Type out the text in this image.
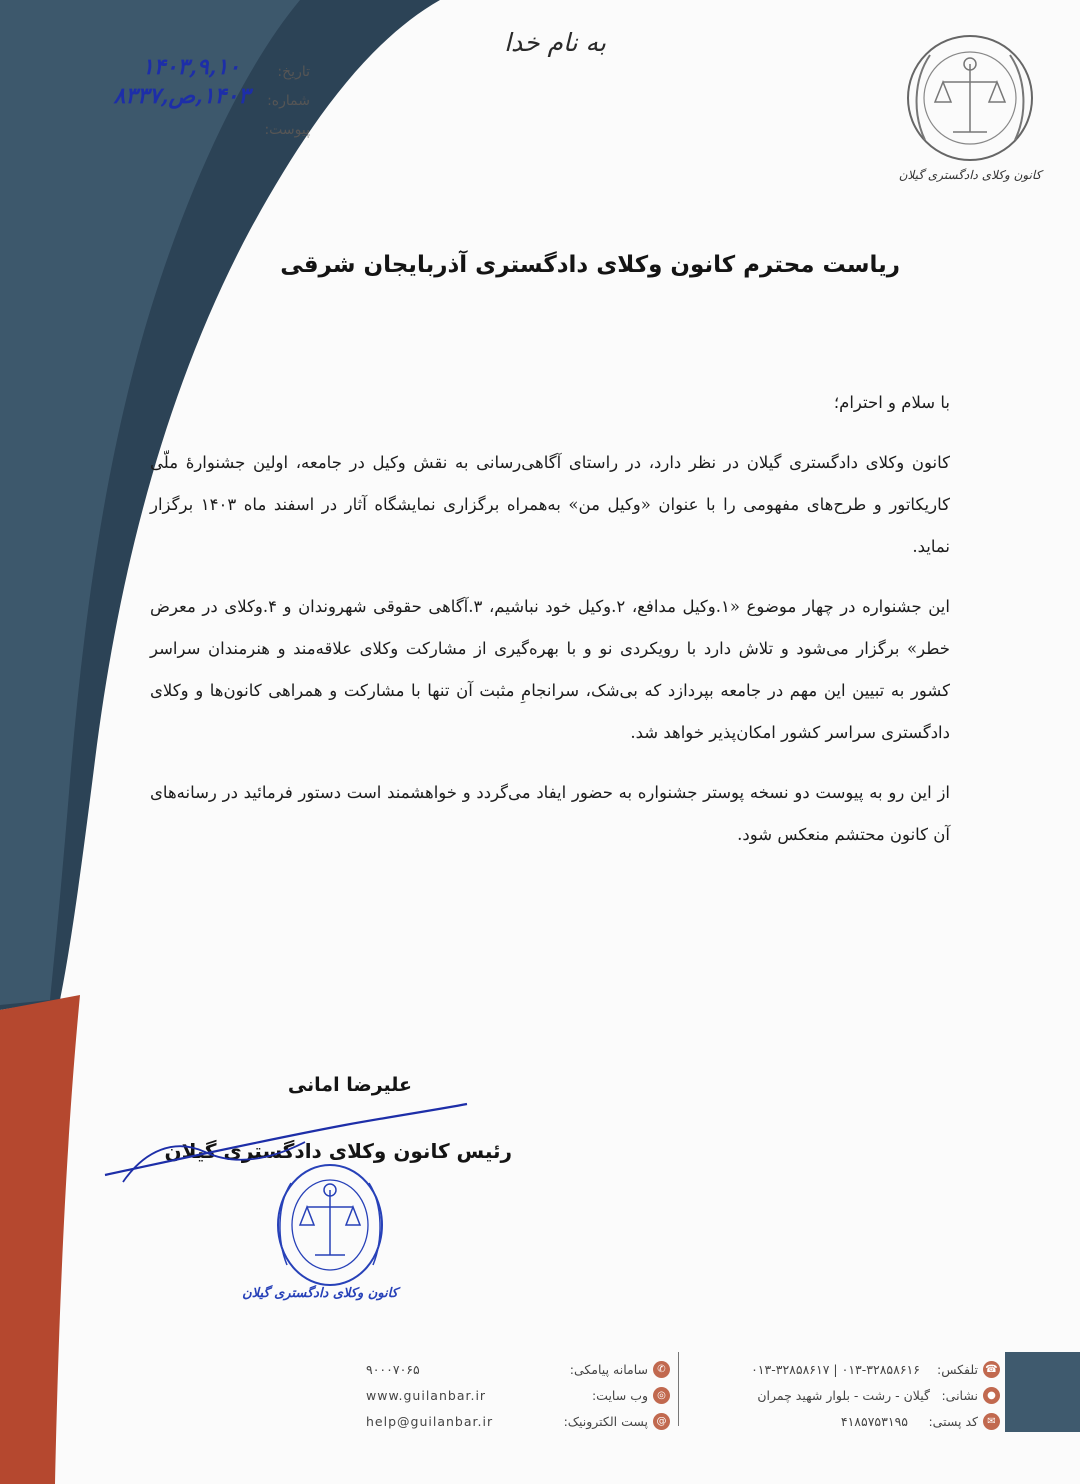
به نام خدا
تاریخ:
۱۴۰۳,۹,۱۰
شماره:
۱۴۰۳,ص,۸۳۳۷
پیوست:
کانون وکلای دادگستری گیلان
ریاست محترم کانون وکلای دادگستری آذربایجان شرقی

با سلام و احترام؛

کانون وکلای دادگستری گیلان در نظر دارد، در راستای آگاهی‌رسانی به نقش وکیل در جامعه، اولین جشنوارهٔ ملّی کاریکاتور و طرح‌های مفهومی را با عنوان «وکیل من» به‌همراه برگزاری نمایشگاه آثار در اسفند ماه ۱۴۰۳ برگزار نماید.

این جشنواره در چهار موضوع «۱.وکیل مدافع، ۲.وکیل خود نباشیم، ۳.آگاهی حقوقی شهروندان و ۴.وکلای در معرض خطر» برگزار می‌شود و تلاش دارد با رویکردی نو و با بهره‌گیری از مشارکت وکلای علاقه‌مند و هنرمندان سراسر کشور به تبیین این مهم در جامعه بپردازد که بی‌شک، سرانجامِ مثبت آن تنها با مشارکت و همراهی کانون‌ها و وکلای دادگستری سراسر کشور امکان‌پذیر خواهد شد.

از این رو به پیوست دو نسخه پوستر جشنواره به حضور ایفاد می‌گردد و خواهشمند است دستور فرمائید در رسانه‌های آن کانون محتشم منعکس شود.

علیرضا امانی
رئیس کانون وکلای دادگستری گیلان
کانون وکلای دادگستری گیلان
☎
تلفکس:
۰۱۳-۳۲۸۵۸۶۱۶ | ۰۱۳-۳۲۸۵۸۶۱۷
●
نشانی:
گیلان - رشت - بلوار شهید چمران
✉
کد پستی:
۴۱۸۵۷۵۳۱۹۵
✆
سامانه پیامکی:
۹۰۰۰۷۰۶۵
◎
وب سایت:
www.guilanbar.ir
@
پست الکترونیک:
help@guilanbar.ir
